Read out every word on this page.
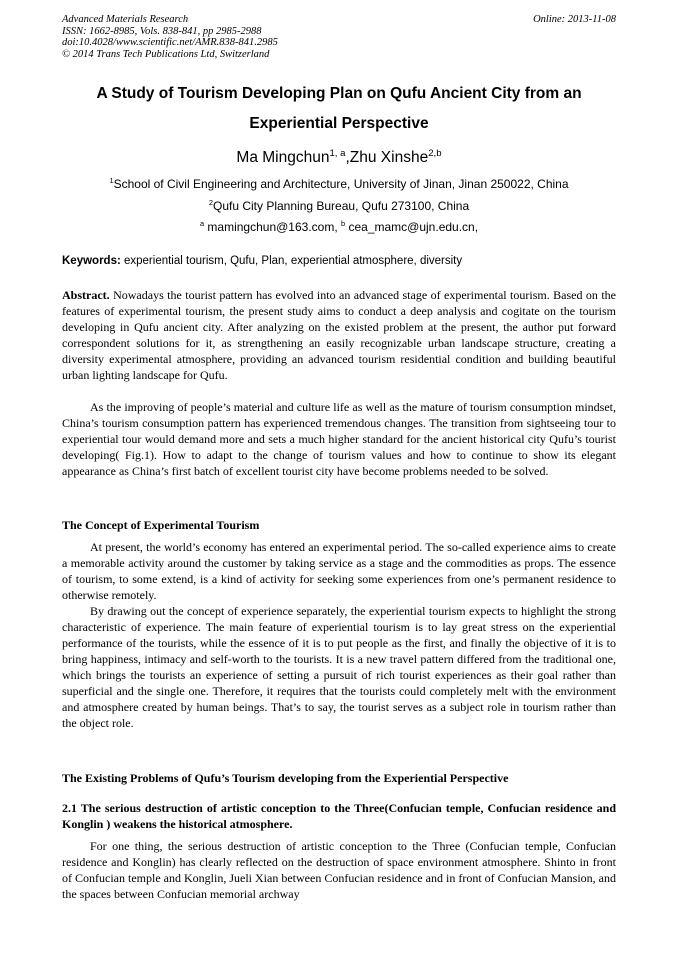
Advanced Materials Research
ISSN: 1662-8985, Vols. 838-841, pp 2985-2988
doi:10.4028/www.scientific.net/AMR.838-841.2985
© 2014 Trans Tech Publications Ltd, Switzerland
Online: 2013-11-08
A Study of Tourism Developing Plan on Qufu Ancient City from an Experiential Perspective
Ma Mingchun$^{1, a}$,Zhu Xinshe$^{2,b}$
$^1$School of Civil Engineering and Architecture, University of Jinan, Jinan 250022, China
$^2$Qufu City Planning Bureau, Qufu 273100, China
$^a$ mamingchun@163.com, $^b$ cea_mamc@ujn.edu.cn,
Keywords: experiential tourism, Qufu, Plan, experiential atmosphere, diversity
Abstract. Nowadays the tourist pattern has evolved into an advanced stage of experimental tourism. Based on the features of experimental tourism, the present study aims to conduct a deep analysis and cogitate on the tourism developing in Qufu ancient city. After analyzing on the existed problem at the present, the author put forward correspondent solutions for it, as strengthening an easily recognizable urban landscape structure, creating a diversity experimental atmosphere, providing an advanced tourism residential condition and building beautiful urban lighting landscape for Qufu.
As the improving of people’s material and culture life as well as the mature of tourism consumption mindset, China’s tourism consumption pattern has experienced tremendous changes. The transition from sightseeing tour to experiential tour would demand more and sets a much higher standard for the ancient historical city Qufu’s tourist developing( Fig.1). How to adapt to the change of tourism values and how to continue to show its elegant appearance as China’s first batch of excellent tourist city have become problems needed to be solved.
The Concept of Experimental Tourism
At present, the world’s economy has entered an experimental period. The so-called experience aims to create a memorable activity around the customer by taking service as a stage and the commodities as props. The essence of tourism, to some extend, is a kind of activity for seeking some experiences from one’s permanent residence to otherwise remotely.
By drawing out the concept of experience separately, the experiential tourism expects to highlight the strong characteristic of experience. The main feature of experiential tourism is to lay great stress on the experiential performance of the tourists, while the essence of it is to put people as the first, and finally the objective of it is to bring happiness, intimacy and self-worth to the tourists. It is a new travel pattern differed from the traditional one, which brings the tourists an experience of setting a pursuit of rich tourist experiences as their goal rather than superficial and the single one. Therefore, it requires that the tourists could completely melt with the environment and atmosphere created by human beings. That’s to say, the tourist serves as a subject role in tourism rather than the object role.
The Existing Problems of Qufu’s Tourism developing from the Experiential Perspective
2.1 The serious destruction of artistic conception to the Three(Confucian temple, Confucian residence and Konglin ) weakens the historical atmosphere.
For one thing, the serious destruction of artistic conception to the Three (Confucian temple, Confucian residence and Konglin) has clearly reflected on the destruction of space environment atmosphere. Shinto in front of Confucian temple and Konglin, Jueli Xian between Confucian residence and in front of Confucian Mansion, and the spaces between Confucian memorial archway
